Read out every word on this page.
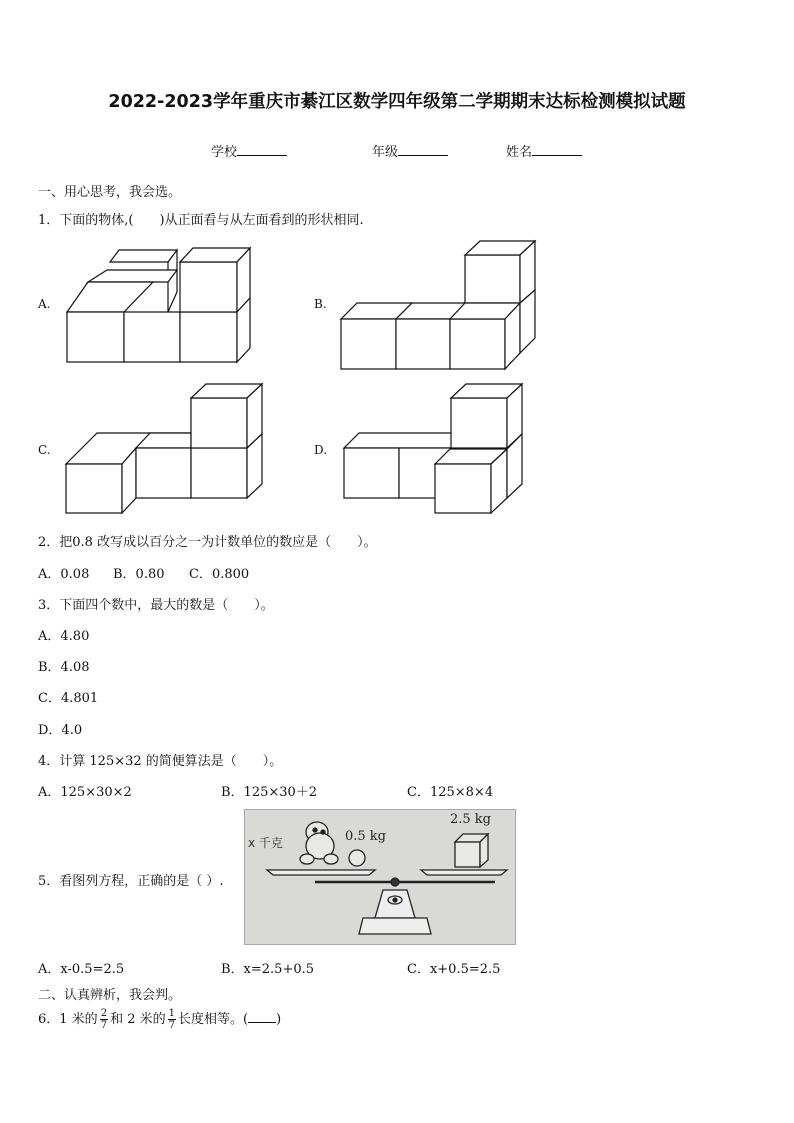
2022-2023学年重庆市綦江区数学四年级第二学期期末达标检测模拟试题
学校	年级	姓名
一、用心思考，我会选。
1．下面的物体,(　　)从正面看与从左面看到的形状相同.
A.	B.
C.	D.
2．把0.8 改写成以百分之一为计数单位的数应是（　　）。
A．0.08 B．0.80 C．0.800
3．下面四个数中，最大的数是（　　）。
A．4.80
B．4.08
C．4.801
D．4.0
4．计算 125×32 的简便算法是（　　）。
A．125×30×2	B．125×30＋2	C．125×8×4
x 千克	0.5 kg
2.5 kg
5．看图列方程，正确的是（ ）.
A．x-0.5=2.5	B．x=2.5+0.5	C．x+0.5=2.5
二、认真辨析，我会判。
6．1 米的 $\frac{2}{7}$ 和 2 米的 $\frac{1}{7}$ 长度相等。( )
